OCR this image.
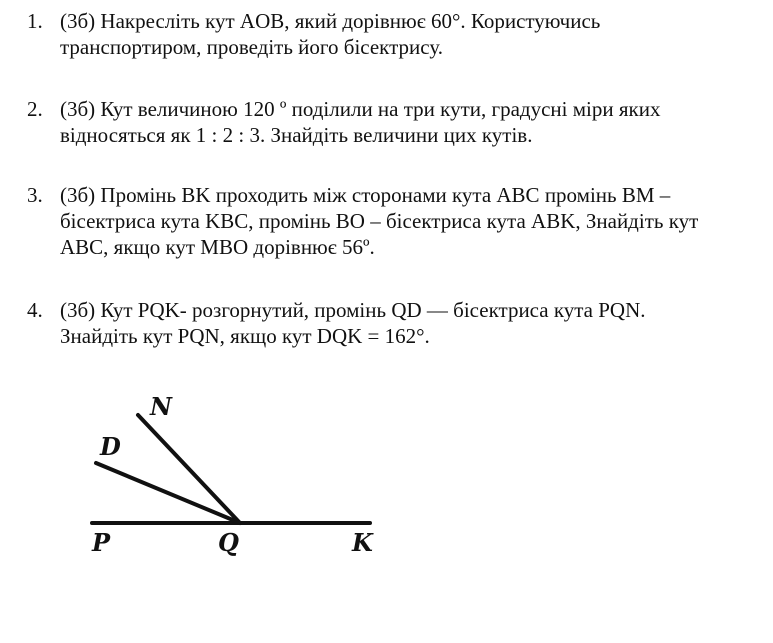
1. (3б) Накресліть кут AOB, який дорівнює 60°. Користуючись
транспортиром, проведіть його бісектрису.
2. (3б) Кут величиною 120 º поділили на три кути, градусні міри яких
відносяться як 1 : 2 : 3. Знайдіть величини цих кутів.
3. (3б) Промінь BK проходить між сторонами кута ABC промінь BM –
бісектриса кута KBC, промінь BO – бісектриса кута ABK, Знайдіть кут
ABC, якщо кут MBO дорівнює 56º.
4. (3б) Кут PQK- розгорнутий, промінь QD — бісектриса кута PQN.
Знайдіть кут PQN, якщо кут DQK = 162°.
N
D
P	Q	K
